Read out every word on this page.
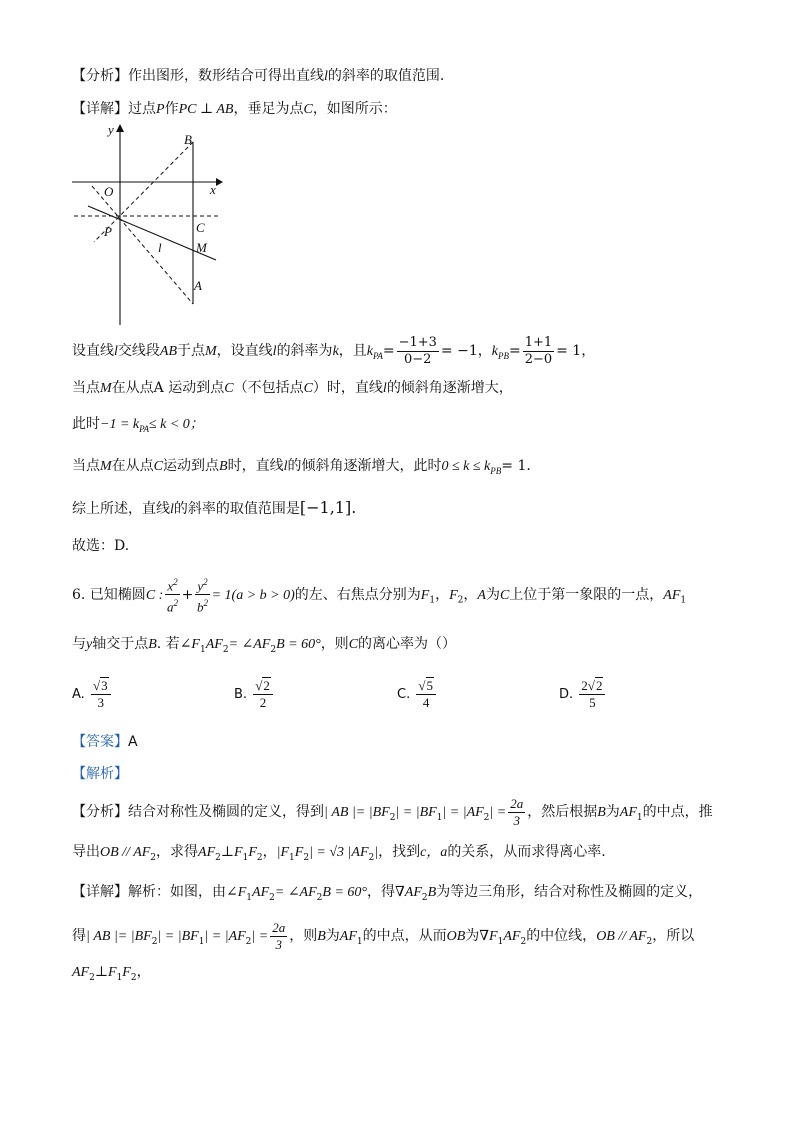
【分析】作出图形，数形结合可得出直线l的斜率的取值范围.
【详解】过点P作PC ⊥ AB，垂足为点C，如图所示：
y
x
O
B
C
P
l	M
A
设直线l交线段AB于点M，设直线l的斜率为k，且$k_{PA}= \frac{-1+3}{0-2} = -1$，$k_{PB}= \frac{1+1}{2-0} = 1$，
当点M在从点A 运动到点C（不包括点C）时，直线l的倾斜角逐渐增大，
此时$-1 = k_{PA}\le k < 0$；
当点M在从点C运动到点B时，直线l的倾斜角逐渐增大，此时$0 \le k \le k_{PB}= 1$.
综上所述，直线l的斜率的取值范围是[−1,1].
故选：D.
6. 已知椭圆C : $\frac{x^2}{a^2} + \frac{y^2}{b^2} = 1(a > b > 0)$的左、右焦点分别为$F_1$，$F_2$，A为C上位于第一象限的一点，$AF_1$
与y轴交于点B. 若$\angle F_1AF_2=$ $\angle AF_2B = 60^\circ$，则C的离心率为（）
A. $\frac{√3}{3}$	B. $\frac{√2}{2}$	C. $\frac{√5}{4}$	D. $\frac{2√2}{5}$
【答案】A
【解析】
【分析】结合对称性及椭圆的定义，得到| AB |= $|BF_2| = |BF_1| = |AF_2| = \frac{2a}{3}$ ，然后根据B为$AF_1$的中点，推
导出OB // $AF_2$，求得$AF_2\perp F_1F_2$，$|F_1F_2| = √3$ $|AF_2|$，找到c，a的关系，从而求得离心率.
【详解】解析：如图，由$\angle F_1AF_2=$ $\angle AF_2B = 60^\circ$，得$\nabla AF_2B$为等边三角形，结合对称性及椭圆的定义，
得| AB |= $|BF_2| = |BF_1| = |AF_2| = \frac{2a}{3}$ ，则B为$AF_1$的中点，从而OB为$\nabla F_1AF_2$的中位线，OB // $AF_2$，所以
$AF_2\perp F_1F_2$，
